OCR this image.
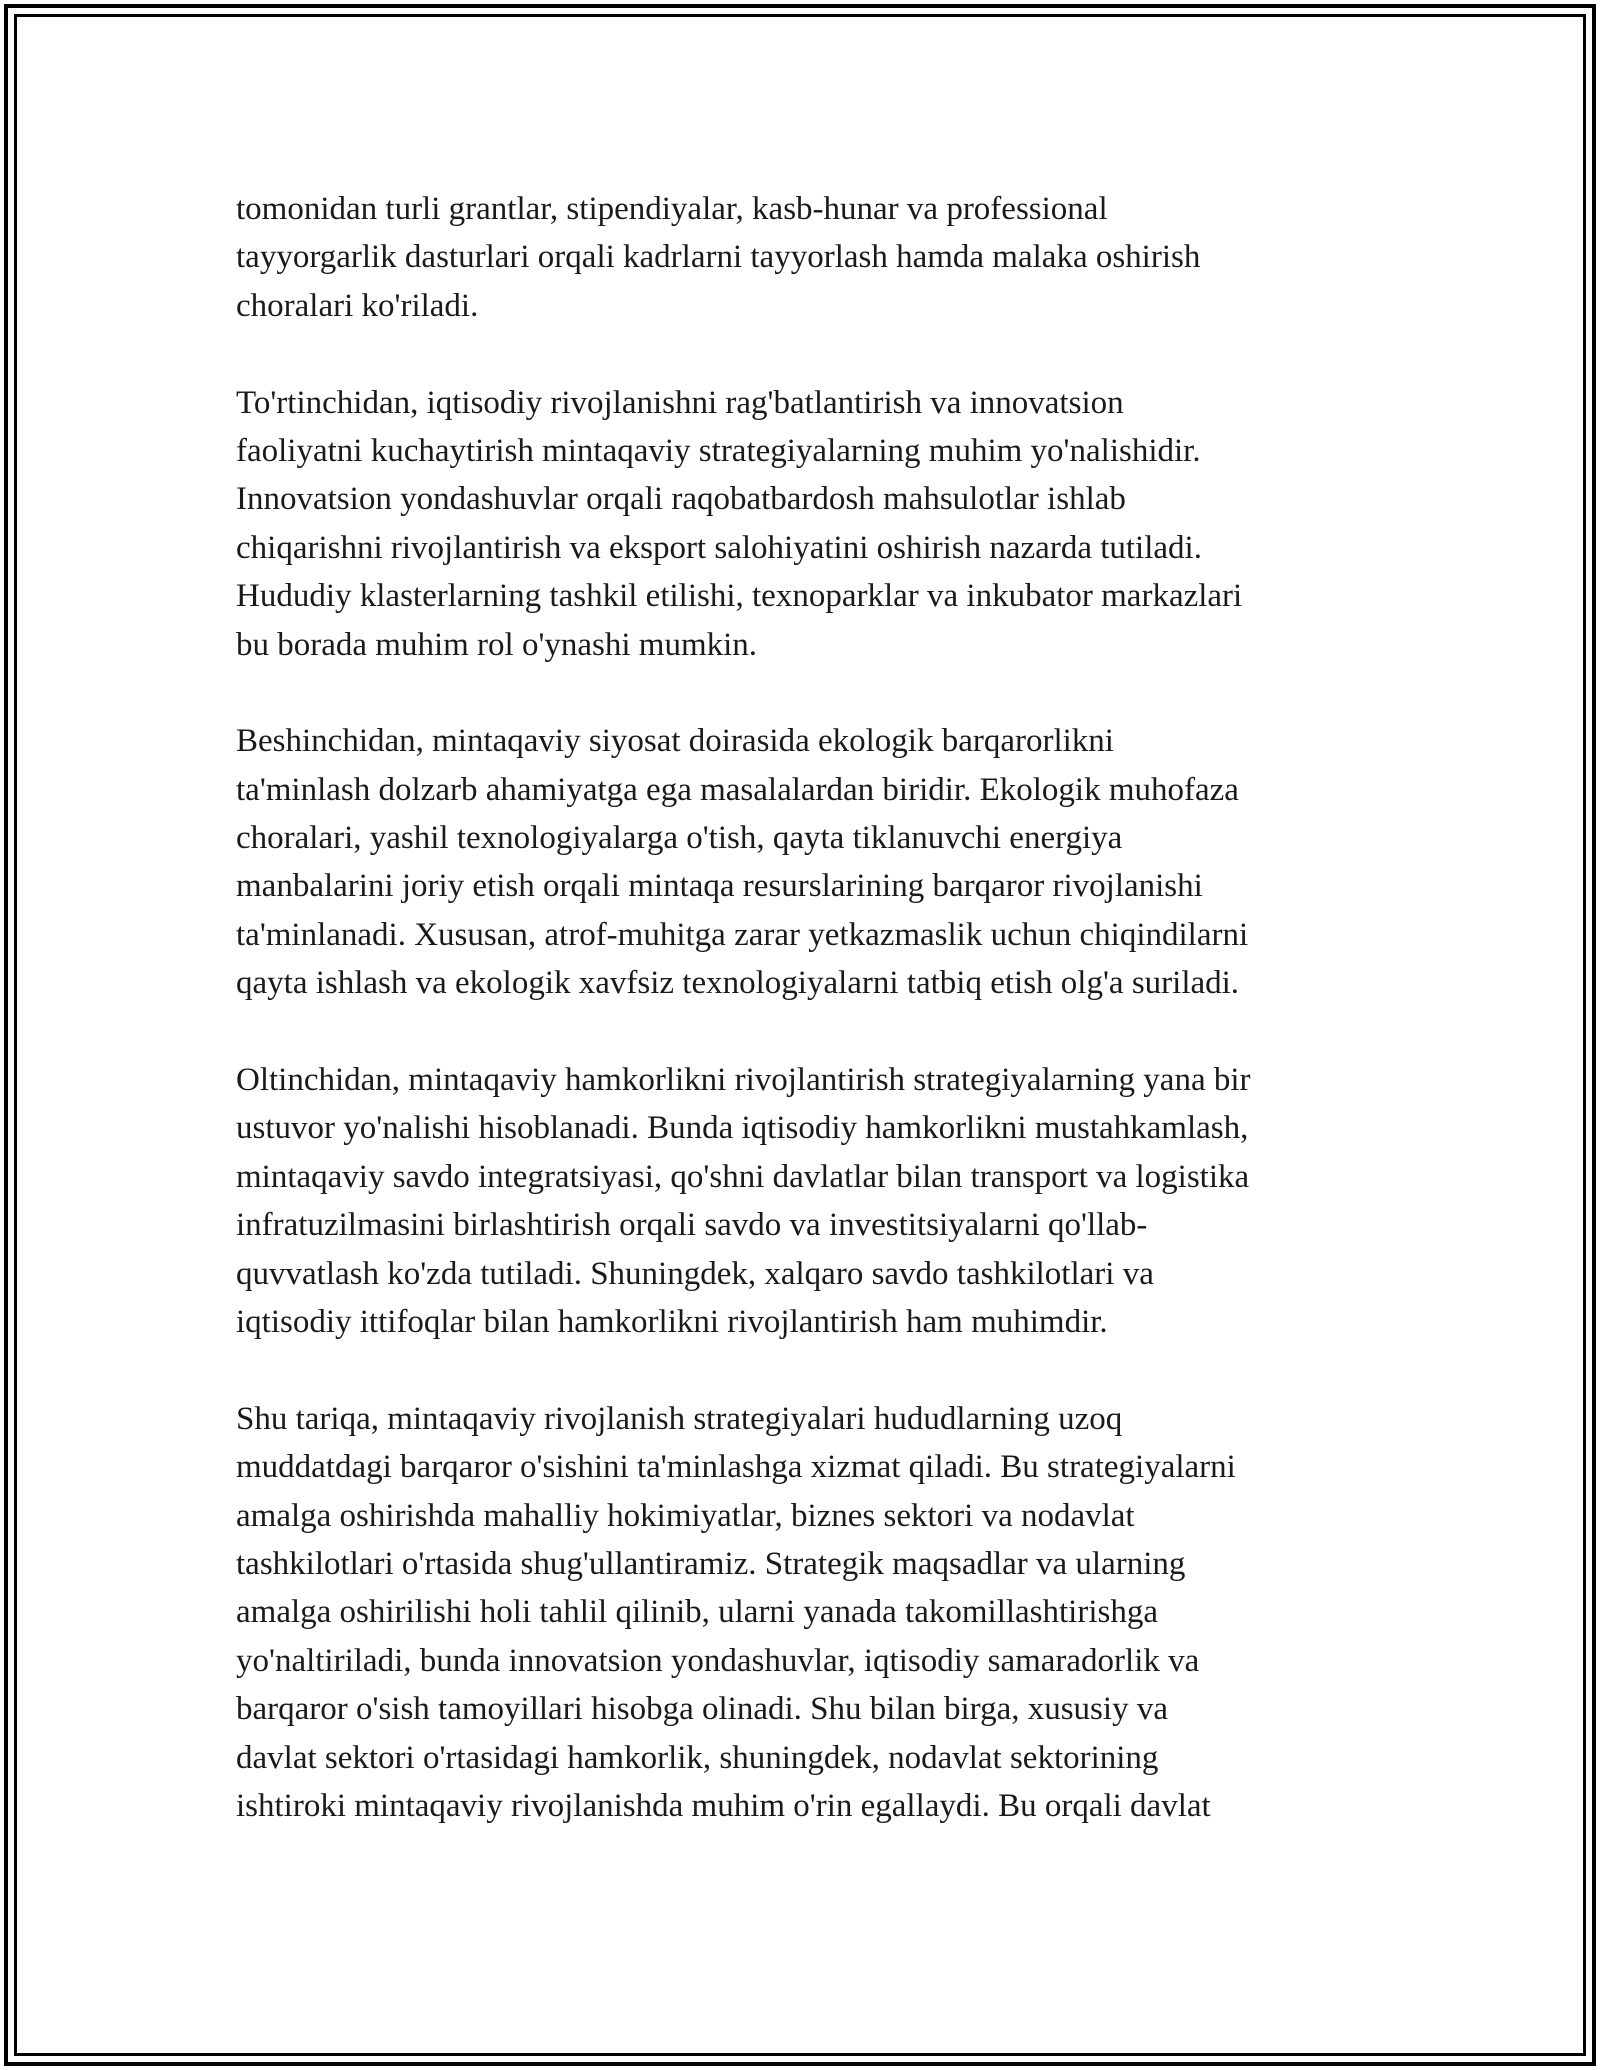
tomonidan turli grantlar, stipendiyalar, kasb-hunar va professional
tayyorgarlik dasturlari orqali kadrlarni tayyorlash hamda malaka oshirish
choralari ko'riladi.

To'rtinchidan, iqtisodiy rivojlanishni rag'batlantirish va innovatsion
faoliyatni kuchaytirish mintaqaviy strategiyalarning muhim yo'nalishidir.
Innovatsion yondashuvlar orqali raqobatbardosh mahsulotlar ishlab
chiqarishni rivojlantirish va eksport salohiyatini oshirish nazarda tutiladi.
Hududiy klasterlarning tashkil etilishi, texnoparklar va inkubator markazlari
bu borada muhim rol o'ynashi mumkin.

Beshinchidan, mintaqaviy siyosat doirasida ekologik barqarorlikni
ta'minlash dolzarb ahamiyatga ega masalalardan biridir. Ekologik muhofaza
choralari, yashil texnologiyalarga o'tish, qayta tiklanuvchi energiya
manbalarini joriy etish orqali mintaqa resurslarining barqaror rivojlanishi
ta'minlanadi. Xususan, atrof-muhitga zarar yetkazmaslik uchun chiqindilarni
qayta ishlash va ekologik xavfsiz texnologiyalarni tatbiq etish olg'a suriladi.

Oltinchidan, mintaqaviy hamkorlikni rivojlantirish strategiyalarning yana bir
ustuvor yo'nalishi hisoblanadi. Bunda iqtisodiy hamkorlikni mustahkamlash,
mintaqaviy savdo integratsiyasi, qo'shni davlatlar bilan transport va logistika
infratuzilmasini birlashtirish orqali savdo va investitsiyalarni qo'llab-
quvvatlash ko'zda tutiladi. Shuningdek, xalqaro savdo tashkilotlari va
iqtisodiy ittifoqlar bilan hamkorlikni rivojlantirish ham muhimdir.

Shu tariqa, mintaqaviy rivojlanish strategiyalari hududlarning uzoq
muddatdagi barqaror o'sishini ta'minlashga xizmat qiladi. Bu strategiyalarni
amalga oshirishda mahalliy hokimiyatlar, biznes sektori va nodavlat
tashkilotlari o'rtasida shug'ullantiramiz. Strategik maqsadlar va ularning
amalga oshirilishi holi tahlil qilinib, ularni yanada takomillashtirishga
yo'naltiriladi, bunda innovatsion yondashuvlar, iqtisodiy samaradorlik va
barqaror o'sish tamoyillari hisobga olinadi. Shu bilan birga, xususiy va
davlat sektori o'rtasidagi hamkorlik, shuningdek, nodavlat sektorining
ishtiroki mintaqaviy rivojlanishda muhim o'rin egallaydi. Bu orqali davlat
